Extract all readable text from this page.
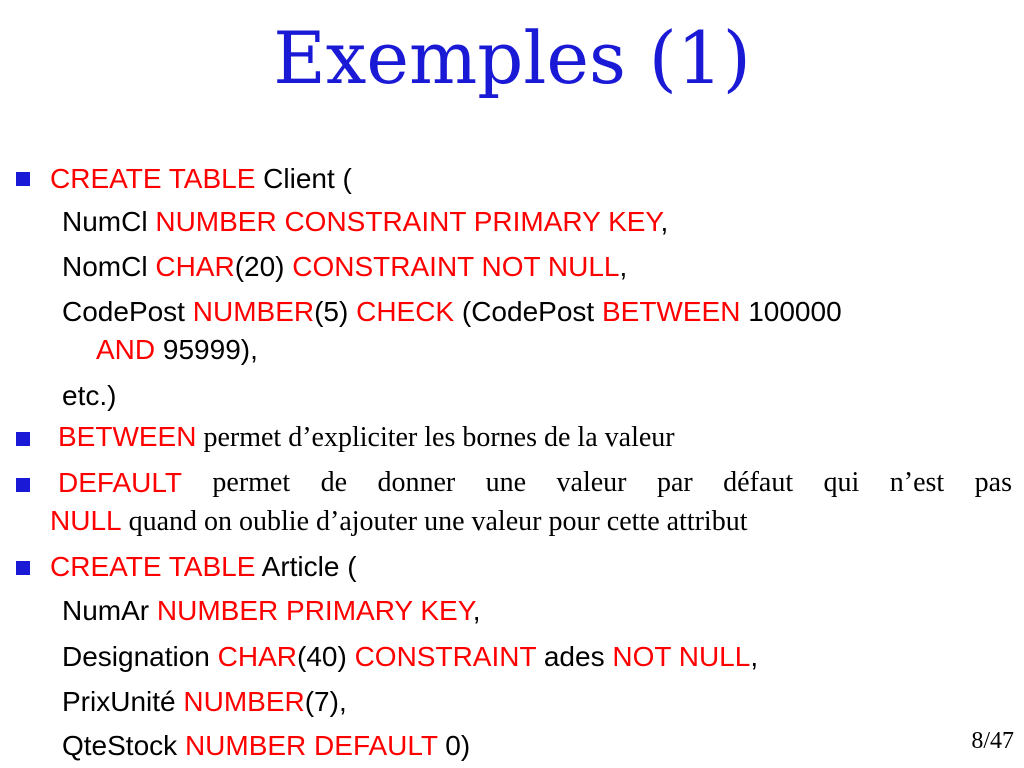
Exemples (1)
CREATE TABLE Client (
NumCl NUMBER CONSTRAINT PRIMARY KEY,
NomCl CHAR(20) CONSTRAINT NOT NULL,
CodePost NUMBER(5) CHECK (CodePost BETWEEN 100000
AND 95999),
etc.)
BETWEEN permet d’expliciter les bornes de la valeur
DEFAULT permet de donner une valeur par défaut qui n’est pas
NULL quand on oublie d’ajouter une valeur pour cette attribut
CREATE TABLE Article (
NumAr NUMBER PRIMARY KEY,
Designation CHAR(40) CONSTRAINT ades NOT NULL,
PrixUnité NUMBER(7),
QteStock NUMBER DEFAULT 0)	8/47
